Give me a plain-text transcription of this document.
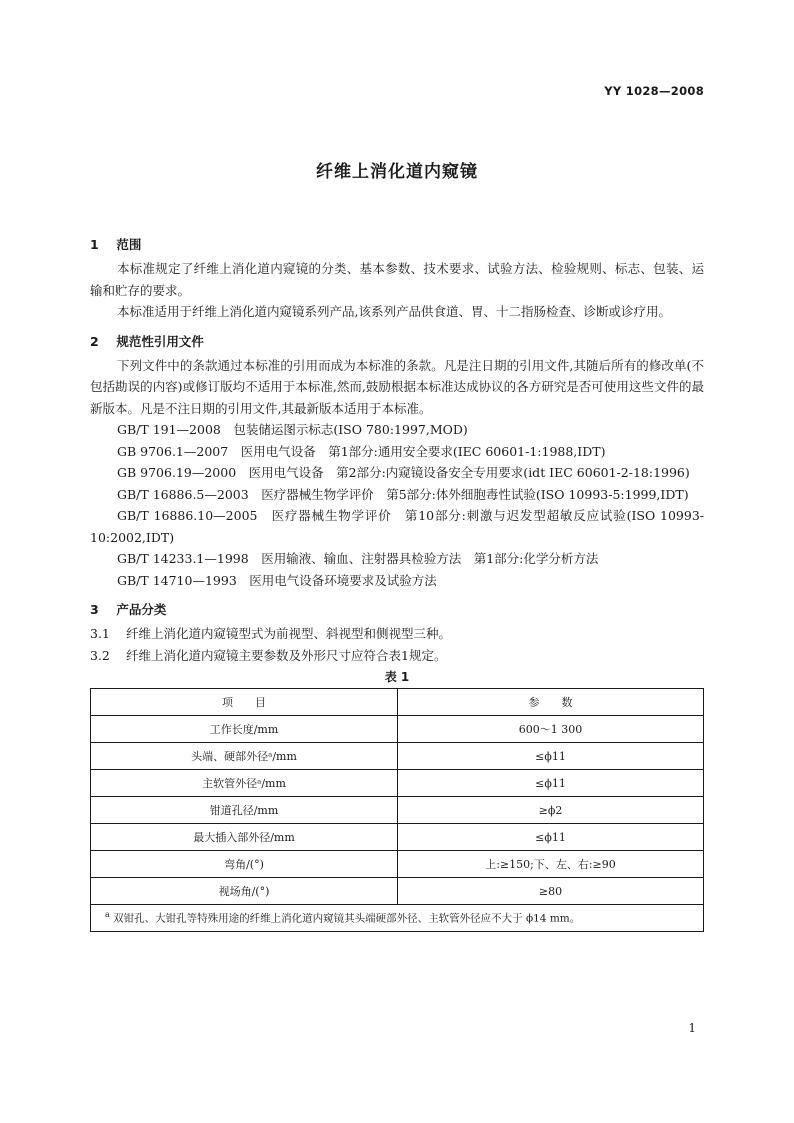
YY 1028—2008
纤维上消化道内窥镜
1 范围

本标准规定了纤维上消化道内窥镜的分类、基本参数、技术要求、试验方法、检验规则、标志、包装、运输和贮存的要求。

本标准适用于纤维上消化道内窥镜系列产品,该系列产品供食道、胃、十二指肠检查、诊断或诊疗用。

2 规范性引用文件

下列文件中的条款通过本标准的引用而成为本标准的条款。凡是注日期的引用文件,其随后所有的修改单(不包括勘误的内容)或修订版均不适用于本标准,然而,鼓励根据本标准达成协议的各方研究是否可使用这些文件的最新版本。凡是不注日期的引用文件,其最新版本适用于本标准。

GB/T 191—2008　包装储运图示标志(ISO 780:1997,MOD)

GB 9706.1—2007　医用电气设备　第1部分:通用安全要求(IEC 60601-1:1988,IDT)

GB 9706.19—2000　医用电气设备　第2部分:内窥镜设备安全专用要求(idt IEC 60601-2-18:1996)

GB/T 16886.5—2003　医疗器械生物学评价　第5部分:体外细胞毒性试验(ISO 10993-5:1999,IDT)

GB/T 16886.10—2005　医疗器械生物学评价　第10部分:刺激与迟发型超敏反应试验(ISO 10993-10:2002,IDT)

GB/T 14233.1—1998　医用输液、输血、注射器具检验方法　第1部分:化学分析方法

GB/T 14710—1993　医用电气设备环境要求及试验方法

3 产品分类

3.1 纤维上消化道内窥镜型式为前视型、斜视型和侧视型三种。

3.2 纤维上消化道内窥镜主要参数及外形尺寸应符合表1规定。

表 1
项　　目	参　　数
工作长度/mm	600～1 300
头端、硬部外径ᵃ/mm	≤ϕ11
主软管外径ᵃ/mm	≤ϕ11
钳道孔径/mm	≥ϕ2
最大插入部外径/mm	≤ϕ11
弯角/(°)	上:≥150;下、左、右:≥90
视场角/(°)	≥80
$^a$ 双钳孔、大钳孔等特殊用途的纤维上消化道内窥镜其头端硬部外径、主软管外径应不大于 ϕ14 mm。	
1
